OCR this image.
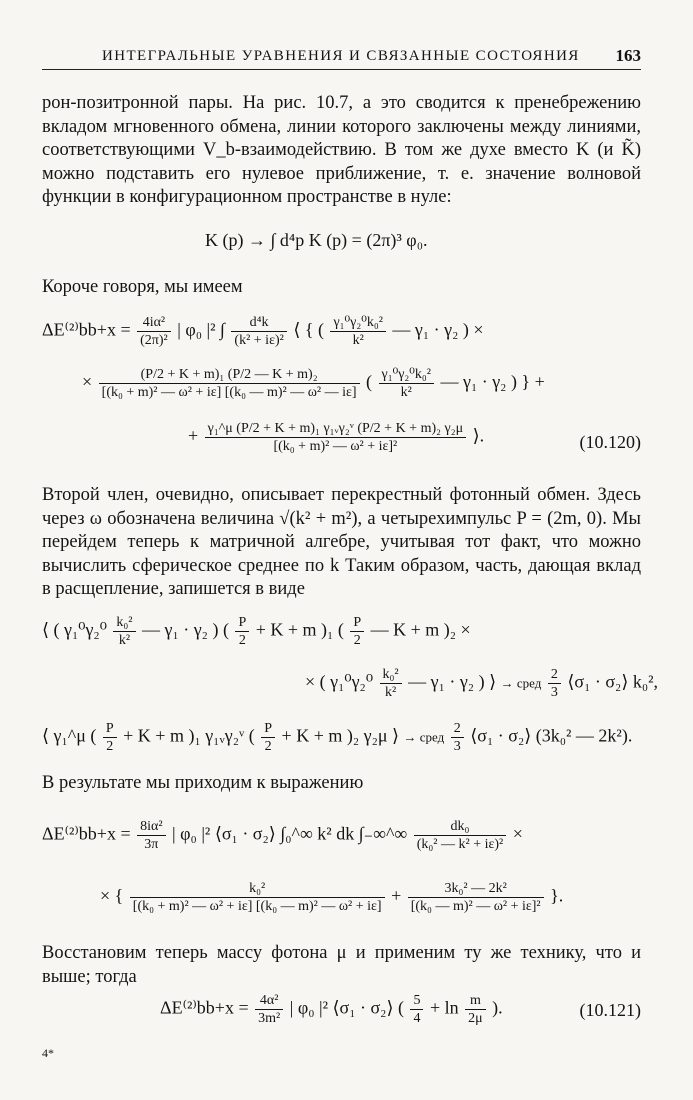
ИНТЕГРАЛЬНЫЕ УРАВНЕНИЯ И СВЯЗАННЫЕ СОСТОЯНИЯ 163

рон-позитронной пары. На рис. 10.7, а это сводится к пренебрежению вкладом мгновенного обмена, линии которого заключены между линиями, соответствующими V_b-взаимодействию. В том же духе вместо K (и K̃) можно подставить его нулевое приближение, т. е. значение волновой функции в конфигурационном пространстве в нуле:

K (p) → ∫ d⁴p K (p) = (2π)³ φ₀.

Короче говоря, мы имеем

$\Delta E^{(2)}bb+x = \frac{\text{4iα²}}{\text{(2π)²}}$ | φ₀ |² ∫ $\frac{\text{d⁴k}}{\text{(k² + iε)²}}$ ⟨ { ( $\frac{\text{γ₁⁰γ₂⁰k₀²}}{\text{k²}}$ — γ₁ · γ₂ ) ×
× $\frac{\text{(P/2 + K + m)₁ (P/2 — K + m)₂}}{\text{[(k₀ + m)² — ω² + iε] [(k₀ — m)² — ω² — iε]}}$ ( $\frac{\text{γ₁⁰γ₂⁰k₀²}}{\text{k²}}$ — γ₁ · γ₂ ) } +
+ $\frac{\text{γ₁\textasciicircum{}μ (P/2 + K + m)₁ γ₁ᵥγ₂ᵛ (P/2 + K + m)₂ γ₂μ}}{\text{[(k₀ + m)² — ω² + iε]²}}$ ⟩.	(10.120)

Второй член, очевидно, описывает перекрестный фотонный обмен. Здесь через ω обозначена величина √(k² + m²), а четырехимпульс P = (2m, 0). Мы перейдем теперь к матричной алгебре, учитывая тот факт, что можно вычислить сферическое среднее по k Таким образом, часть, дающая вклад в расщепление, запишется в виде

⟨ ( $\gamma_1^0\gamma_2^0 \frac{\text{k₀²}}{\text{k²}}$ — γ₁ · γ₂ ) ( $\frac{P}{2} + K + m$ )₁ ( $\frac{P}{2}$ — K + m )₂ ×
× ( $\gamma_1^0\gamma_2^0 \frac{\text{k₀²}}{\text{k²}}$ — γ₁ · γ₂ ) ⟩ → сред $\frac{2}{3}$ ⟨σ₁ · σ₂⟩ k₀²,
⟨ γ₁^μ ( $\frac{P}{2} + K + m$ )₁ γ₁ᵥγ₂ᵛ ( $\frac{P}{2} + K + m$ )₂ γ₂μ ⟩ → сред $\frac{2}{3}$ ⟨σ₁ · σ₂⟩ (3k₀² — 2k²).

В результате мы приходим к выражению

$\Delta E^{(2)}bb+x = \frac{\text{8iα²}}{3\pi}$ | φ₀ |² ⟨σ₁ · σ₂⟩ ∫₀^∞ k² dk ∫₋∞^∞ $\frac{\text{dk₀}}{\text{(k₀² — k² + iε)²}}$ ×
× { $\frac{\text{k₀²}}{\text{[(k₀ + m)² — ω² + iε] [(k₀ — m)² — ω² + iε]}} + \frac{\text{3k₀² — 2k²}}{\text{[(k₀ — m)² — ω² + iε]²}}$ }.

Восстановим теперь массу фотона μ и применим ту же технику, что и выше; тогда

$\Delta E^{(2)}bb+x = \frac{\text{4α²}}{\text{3m²}}$ | φ₀ |² ⟨σ₁ · σ₂⟩ ( $\frac{5}{4} + \ln \frac{m}{2\mu}$ ).	(10.121)
4*
